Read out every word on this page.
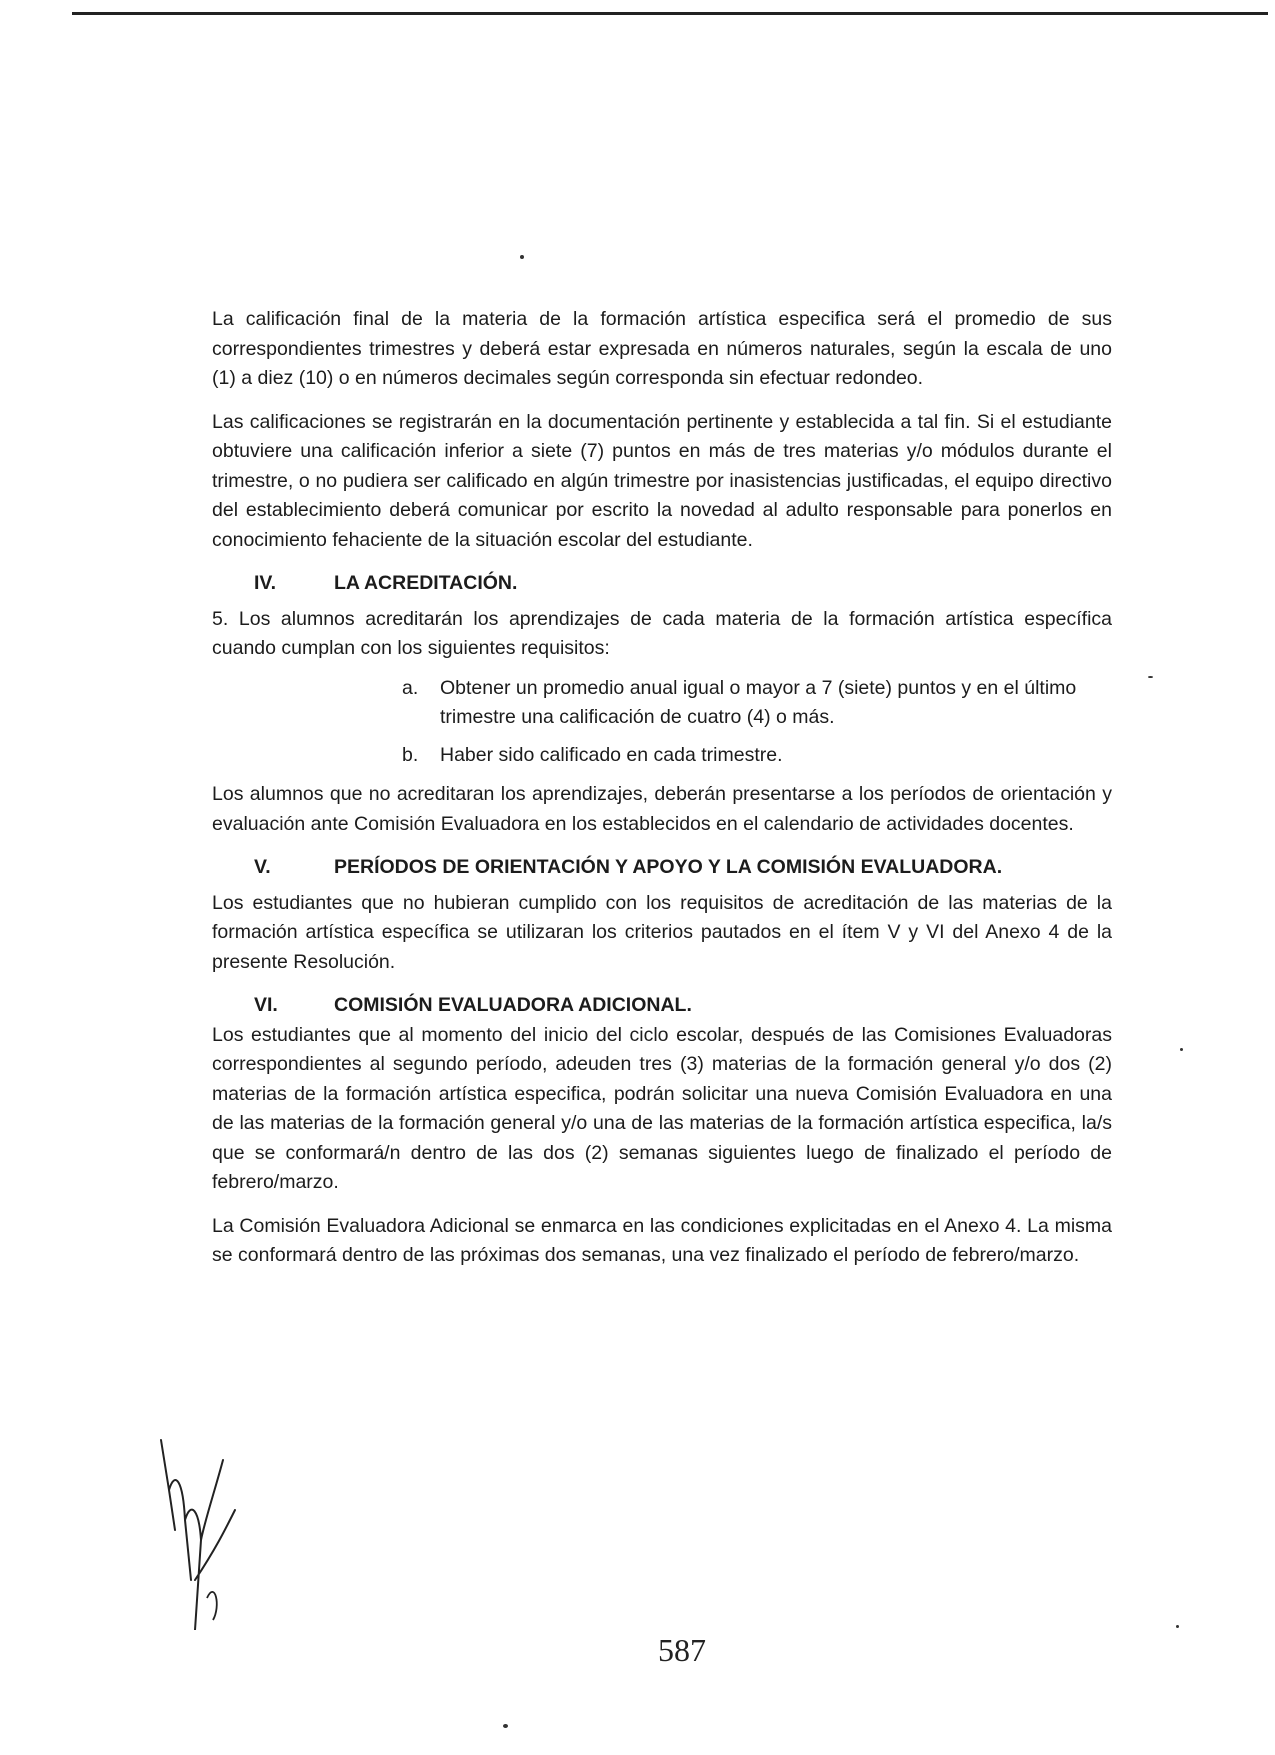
La calificación final de la materia de la formación artística especifica será el promedio de sus correspondientes trimestres y deberá estar expresada en números naturales, según la escala de uno (1) a diez (10) o en números decimales según corresponda sin efectuar redondeo.

Las calificaciones se registrarán en la documentación pertinente y establecida a tal fin. Si el estudiante obtuviere una calificación inferior a siete (7) puntos en más de tres materias y/o módulos durante el trimestre, o no pudiera ser calificado en algún trimestre por inasistencias justificadas, el equipo directivo del establecimiento deberá comunicar por escrito la novedad al adulto responsable para ponerlos en conocimiento fehaciente de la situación escolar del estudiante.

IV.	LA ACREDITACIÓN.

5. Los alumnos acreditarán los aprendizajes de cada materia de la formación artística específica cuando cumplan con los siguientes requisitos:

a.	Obtener un promedio anual igual o mayor a 7 (siete) puntos y en el último trimestre una calificación de cuatro (4) o más.
b.	Haber sido calificado en cada trimestre.

Los alumnos que no acreditaran los aprendizajes, deberán presentarse a los períodos de orientación y evaluación ante Comisión Evaluadora en los establecidos en el calendario de actividades docentes.

V.	PERÍODOS DE ORIENTACIÓN Y APOYO Y LA COMISIÓN EVALUADORA.

Los estudiantes que no hubieran cumplido con los requisitos de acreditación de las materias de la formación artística específica se utilizaran los criterios pautados en el ítem V y VI del Anexo 4 de la presente Resolución.

VI.	COMISIÓN EVALUADORA ADICIONAL.

Los estudiantes que al momento del inicio del ciclo escolar, después de las Comisiones Evaluadoras correspondientes al segundo período, adeuden tres (3) materias de la formación general y/o dos (2) materias de la formación artística especifica, podrán solicitar una nueva Comisión Evaluadora en una de las materias de la formación general y/o una de las materias de la formación artística especifica, la/s que se conformará/n dentro de las dos (2) semanas siguientes luego de finalizado el período de febrero/marzo.

La Comisión Evaluadora Adicional se enmarca en las condiciones explicitadas en el Anexo 4. La misma se conformará dentro de las próximas dos semanas, una vez finalizado el período de febrero/marzo.

587
